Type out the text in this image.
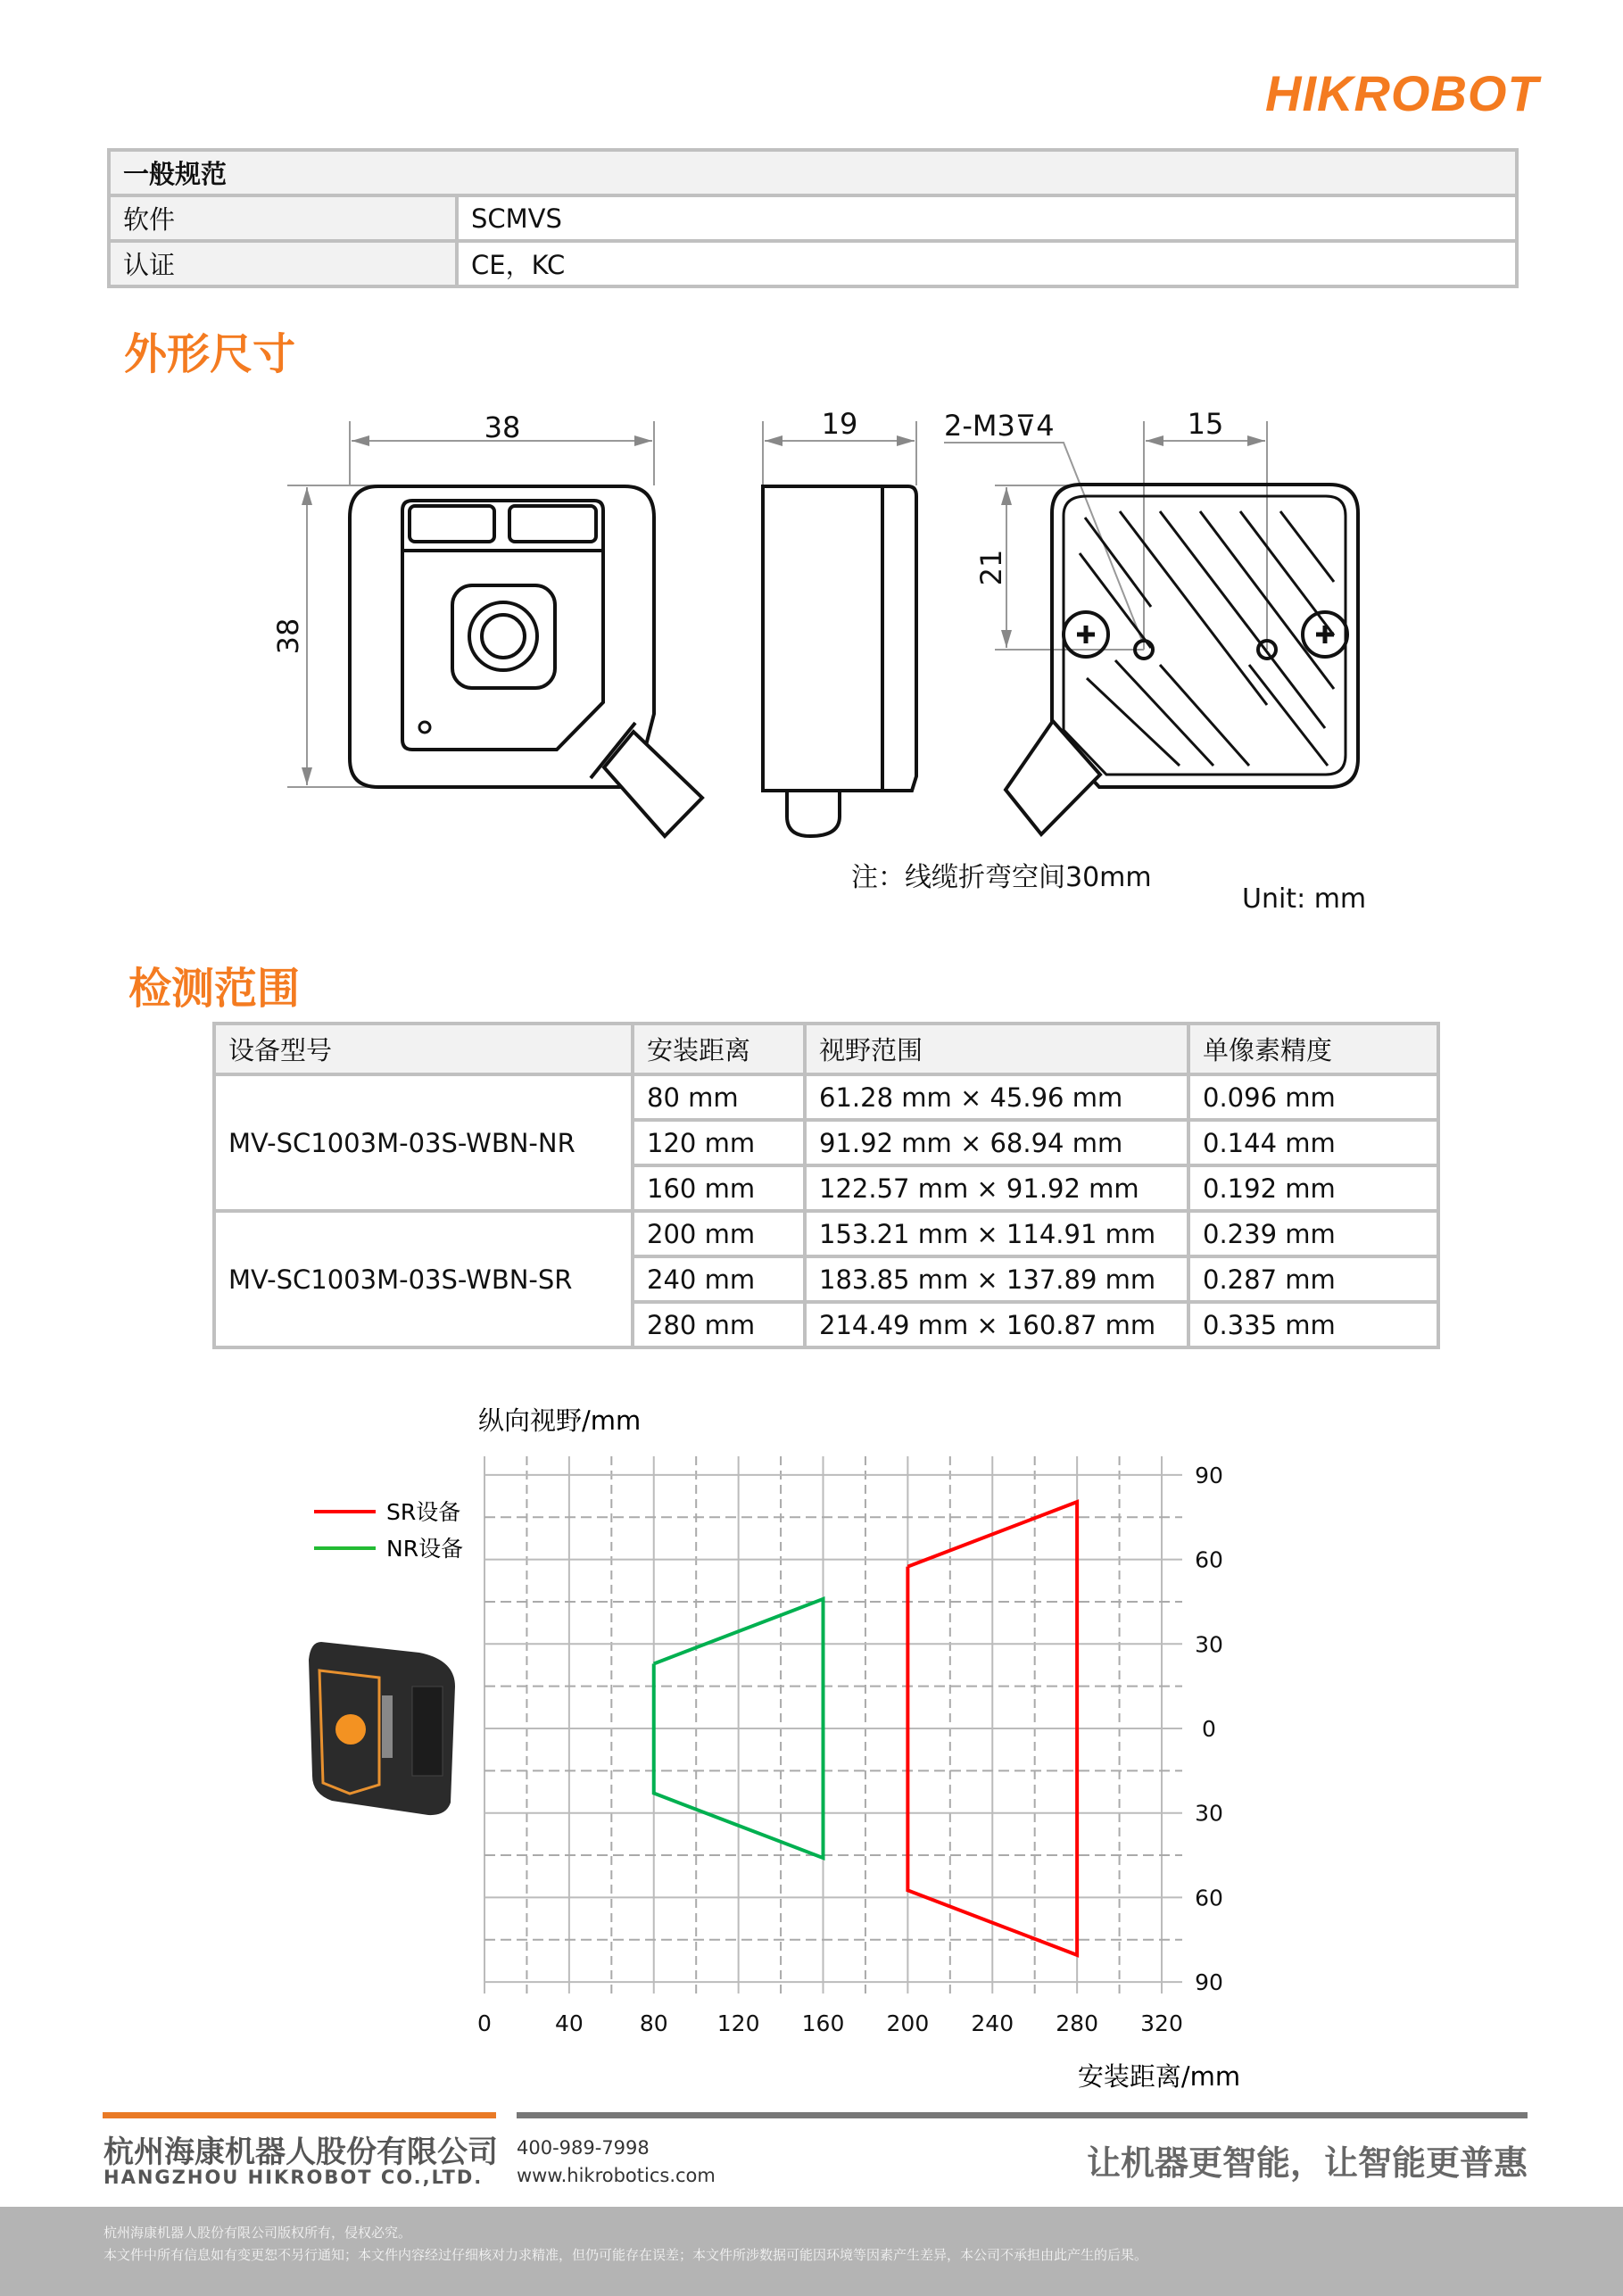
HIKROBOT
一般规范	
软件	SCMVS
认证	CE，KC
外形尺寸
38
38
19	2-M3⊽4	15
21
注：线缆折弯空间30mm
Unit: mm
检测范围
设备型号	安装距离	视野范围	单像素精度
MV-SC1003M-03S-WBN-NR	80 mm	61.28 mm × 45.96 mm	0.096 mm
	120 mm	91.92 mm × 68.94 mm	0.144 mm
	160 mm	122.57 mm × 91.92 mm	0.192 mm
MV-SC1003M-03S-WBN-SR	200 mm	153.21 mm × 114.91 mm	0.239 mm
	240 mm	183.85 mm × 137.89 mm	0.287 mm
	280 mm	214.49 mm × 160.87 mm	0.335 mm
0	40	80 120 160 200 240 280 320
90
60
30
0
30
60
90
纵向视野/mm
安装距离/mm
SR设备
NR设备
杭州海康机器人股份有限公司
HANGZHOU HIKROBOT CO.,LTD.
400-989-7998
www.hikrobotics.com	让机器更智能，让智能更普惠
杭州海康机器人股份有限公司版权所有，侵权必究。
本文件中所有信息如有变更恕不另行通知；本文件内容经过仔细核对力求精准，但仍可能存在误差；本文件所涉数据可能因环境等因素产生差异，本公司不承担由此产生的后果。
